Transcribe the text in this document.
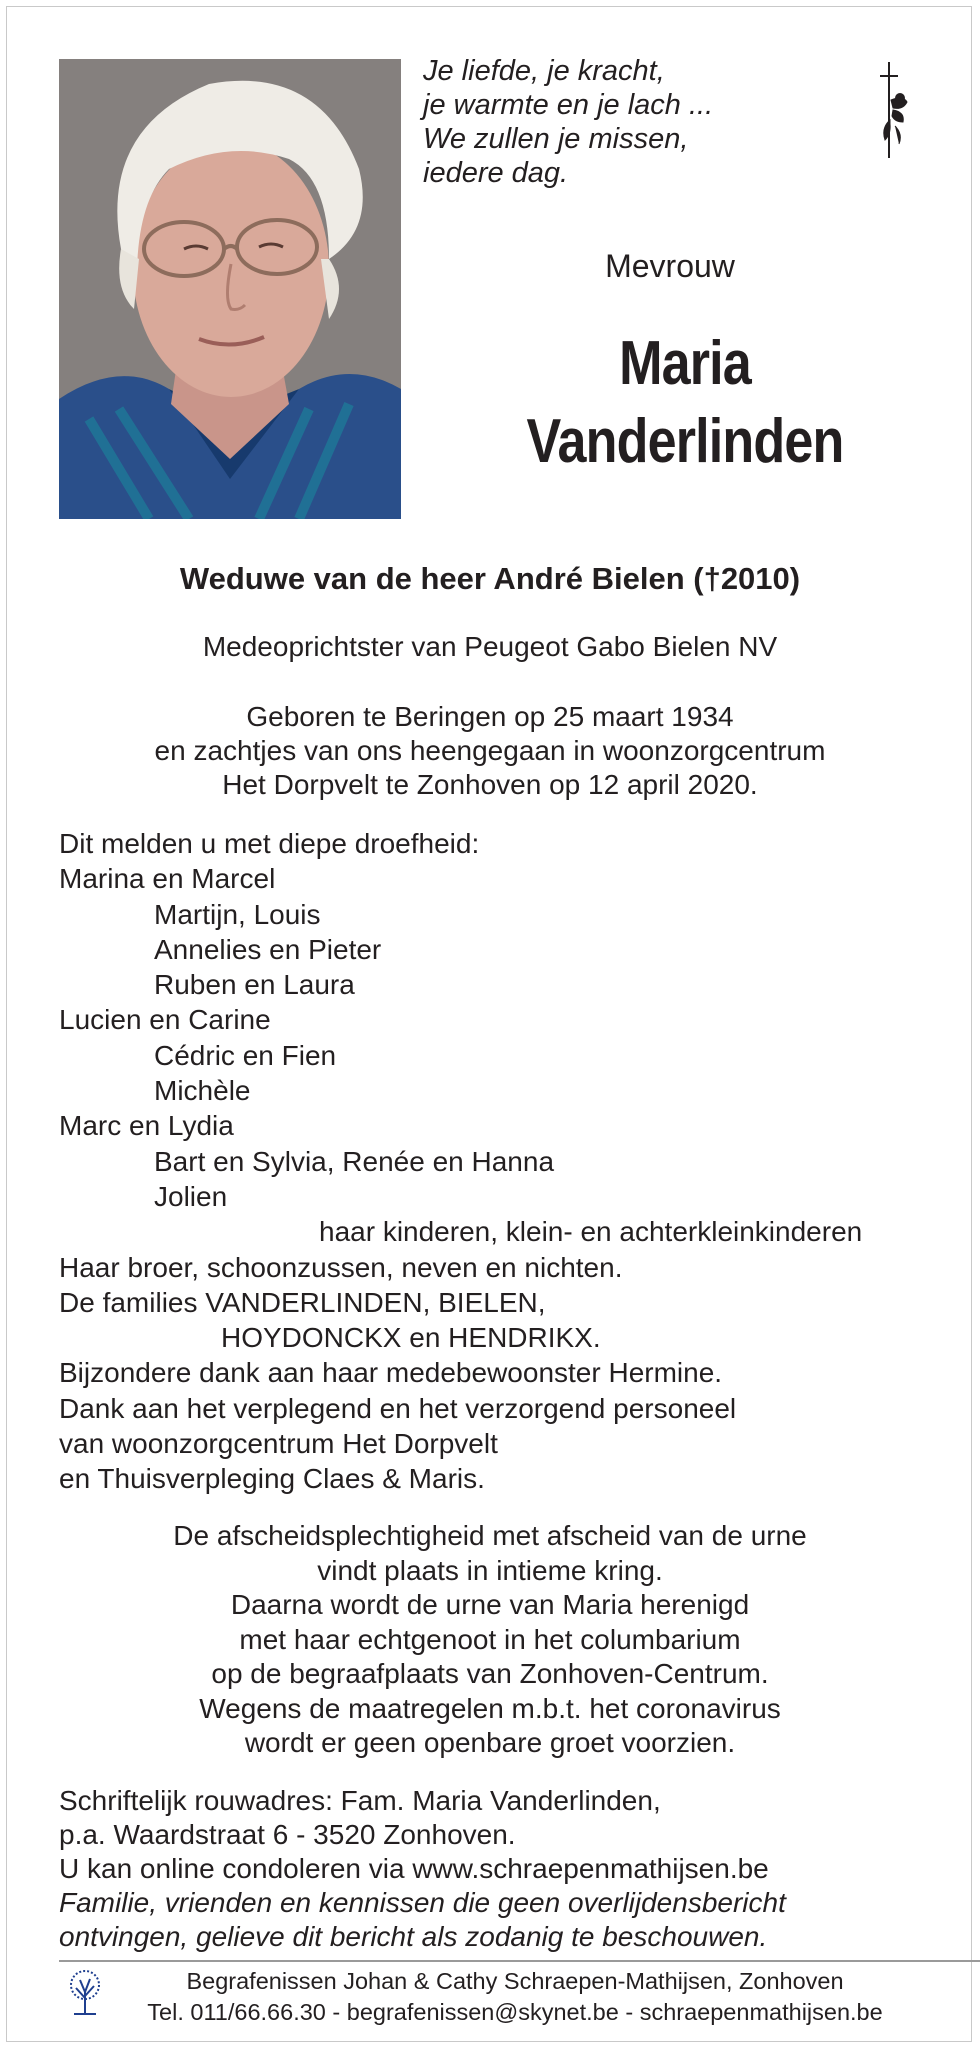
Je liefde, je kracht,
je warmte en je lach ...
We zullen je missen,
iedere dag.
Mevrouw
Maria
Vanderlinden
Weduwe van de heer André Bielen (†2010)
Medeoprichtster van Peugeot Gabo Bielen NV
Geboren te Beringen op 25 maart 1934
en zachtjes van ons heengegaan in woonzorgcentrum
Het Dorpvelt te Zonhoven op 12 april 2020.
Dit melden u met diepe droefheid:
Marina en Marcel
Martijn, Louis
Annelies en Pieter
Ruben en Laura
Lucien en Carine
Cédric en Fien
Michèle
Marc en Lydia
Bart en Sylvia, Renée en Hanna
Jolien
haar kinderen, klein- en achterkleinkinderen
Haar broer, schoonzussen, neven en nichten.
De families VANDERLINDEN, BIELEN,
HOYDONCKX en HENDRIKX.
Bijzondere dank aan haar medebewoonster Hermine.
Dank aan het verplegend en het verzorgend personeel
van woonzorgcentrum Het Dorpvelt
en Thuisverpleging Claes & Maris.
De afscheidsplechtigheid met afscheid van de urne
vindt plaats in intieme kring.
Daarna wordt de urne van Maria herenigd
met haar echtgenoot in het columbarium
op de begraafplaats van Zonhoven-Centrum.
Wegens de maatregelen m.b.t. het coronavirus
wordt er geen openbare groet voorzien.
Schriftelijk rouwadres: Fam. Maria Vanderlinden,
p.a. Waardstraat 6 - 3520 Zonhoven.
U kan online condoleren via www.schraepenmathijsen.be
Familie, vrienden en kennissen die geen overlijdensbericht
ontvingen, gelieve dit bericht als zodanig te beschouwen.
Begrafenissen Johan & Cathy Schraepen-Mathijsen, Zonhoven
Tel. 011/66.66.30 - begrafenissen@skynet.be - schraepenmathijsen.be
